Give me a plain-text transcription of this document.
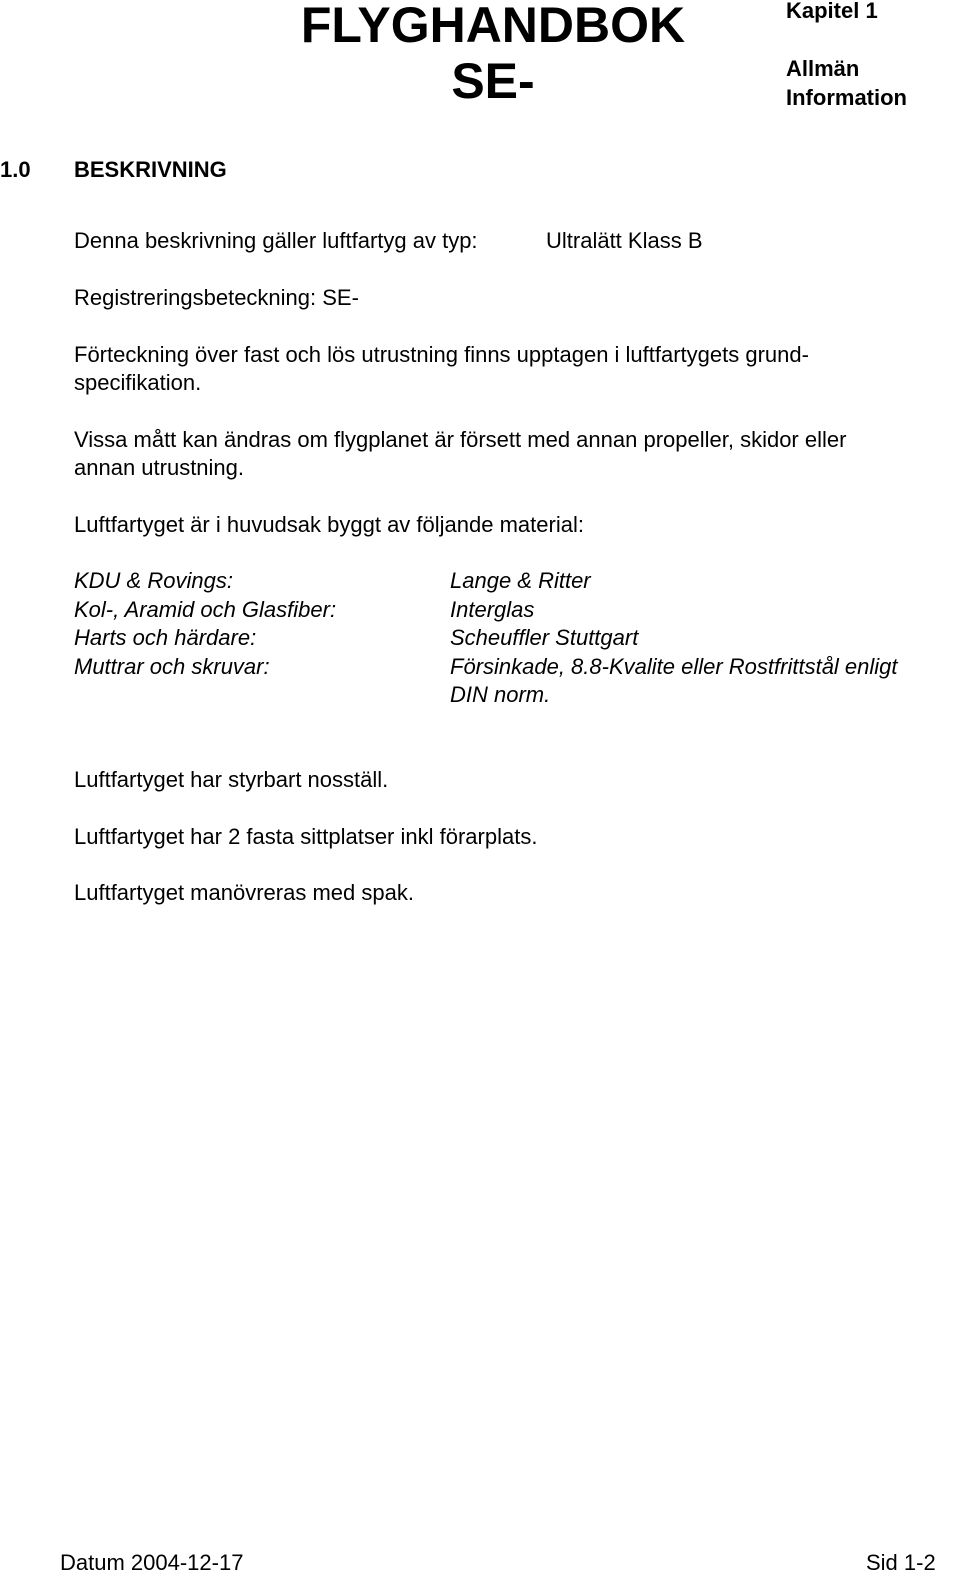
FLYGHANDBOK
SE-
Kapitel 1
Allmän
Information
1.0 BESKRIVNING
Denna beskrivning gäller luftfartyg av typ:	Ultralätt Klass B
Registreringsbeteckning: SE-
Förteckning över fast och lös utrustning finns upptagen i luftfartygets grund-
specifikation.
Vissa mått kan ändras om flygplanet är försett med annan propeller, skidor eller
annan utrustning.
Luftfartyget är i huvudsak byggt av följande material:
KDU & Rovings:	Lange & Ritter
Kol-, Aramid och Glasfiber:	Interglas
Harts och härdare:	Scheuffler Stuttgart
Muttrar och skruvar:	Försinkade, 8.8-Kvalite eller Rostfrittstål enligt
DIN norm.
Luftfartyget har styrbart nosställ.
Luftfartyget har 2 fasta sittplatser inkl förarplats.
Luftfartyget manövreras med spak.
Datum 2004-12-17	Sid 1-2
